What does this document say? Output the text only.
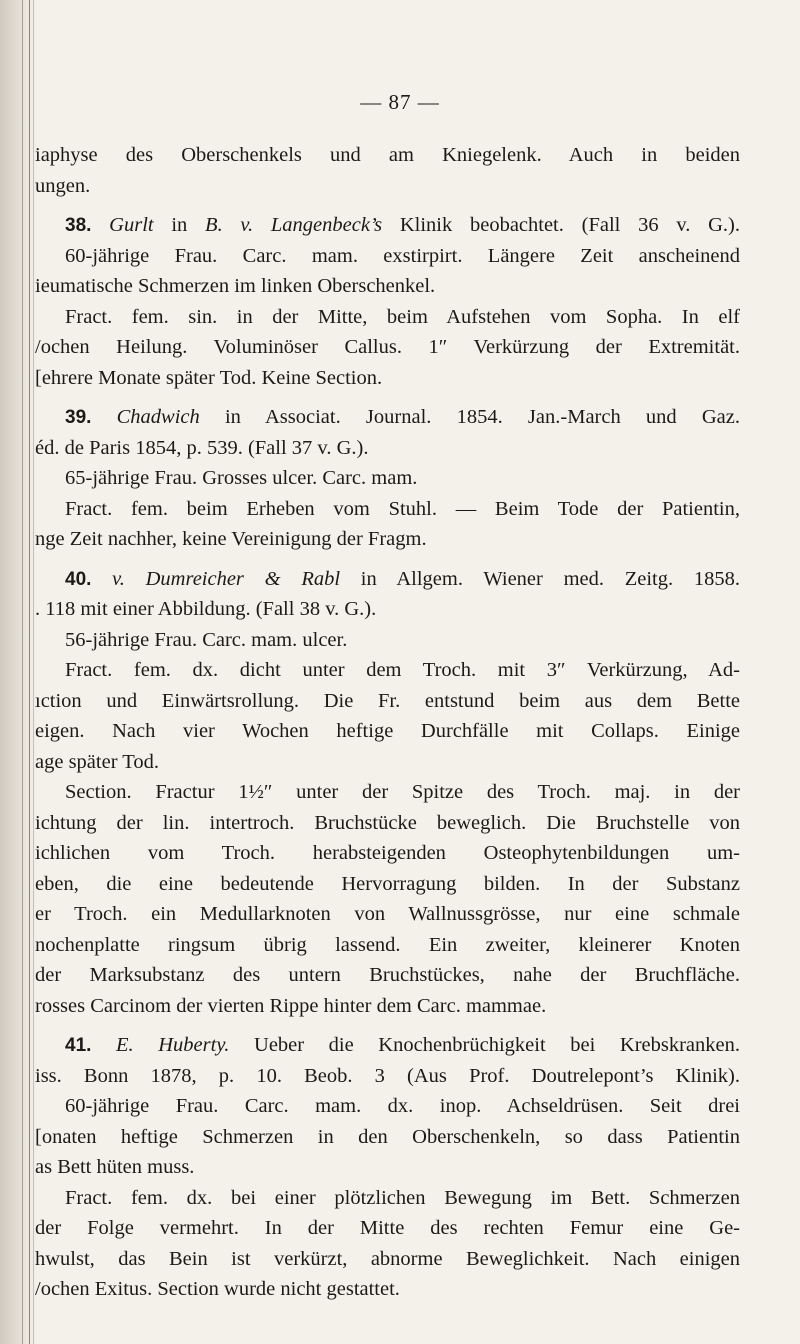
— 87 —
iaphyse des Oberschenkels und am Kniegelenk. Auch in beiden
ungen.
38. Gurlt in B. v. Langenbeck’s Klinik beobachtet. (Fall 36 v. G.).
60-jährige Frau. Carc. mam. exstirpirt. Längere Zeit anscheinend
ieumatische Schmerzen im linken Oberschenkel.
Fract. fem. sin. in der Mitte, beim Aufstehen vom Sopha. In elf
/ochen Heilung. Voluminöser Callus. 1″ Verkürzung der Extremität.
[ehrere Monate später Tod. Keine Section.
39. Chadwich in Associat. Journal. 1854. Jan.-March und Gaz.
éd. de Paris 1854, p. 539. (Fall 37 v. G.).
65-jährige Frau. Grosses ulcer. Carc. mam.
Fract. fem. beim Erheben vom Stuhl. — Beim Tode der Patientin,
nge Zeit nachher, keine Vereinigung der Fragm.
40. v. Dumreicher & Rabl in Allgem. Wiener med. Zeitg. 1858.
. 118 mit einer Abbildung. (Fall 38 v. G.).
56-jährige Frau. Carc. mam. ulcer.
Fract. fem. dx. dicht unter dem Troch. mit 3″ Verkürzung, Ad-
ıction und Einwärtsrollung. Die Fr. entstund beim aus dem Bette
eigen. Nach vier Wochen heftige Durchfälle mit Collaps. Einige
age später Tod.
Section. Fractur 1½″ unter der Spitze des Troch. maj. in der
ichtung der lin. intertroch. Bruchstücke beweglich. Die Bruchstelle von
ichlichen vom Troch. herabsteigenden Osteophytenbildungen um-
eben, die eine bedeutende Hervorragung bilden. In der Substanz
er Troch. ein Medullarknoten von Wallnussgrösse, nur eine schmale
nochenplatte ringsum übrig lassend. Ein zweiter, kleinerer Knoten
der Marksubstanz des untern Bruchstückes, nahe der Bruchfläche.
rosses Carcinom der vierten Rippe hinter dem Carc. mammae.
41. E. Huberty. Ueber die Knochenbrüchigkeit bei Krebskranken.
iss. Bonn 1878, p. 10. Beob. 3 (Aus Prof. Doutrelepont’s Klinik).
60-jährige Frau. Carc. mam. dx. inop. Achseldrüsen. Seit drei
[onaten heftige Schmerzen in den Oberschenkeln, so dass Patientin
as Bett hüten muss.
Fract. fem. dx. bei einer plötzlichen Bewegung im Bett. Schmerzen
der Folge vermehrt. In der Mitte des rechten Femur eine Ge-
hwulst, das Bein ist verkürzt, abnorme Beweglichkeit. Nach einigen
/ochen Exitus. Section wurde nicht gestattet.
